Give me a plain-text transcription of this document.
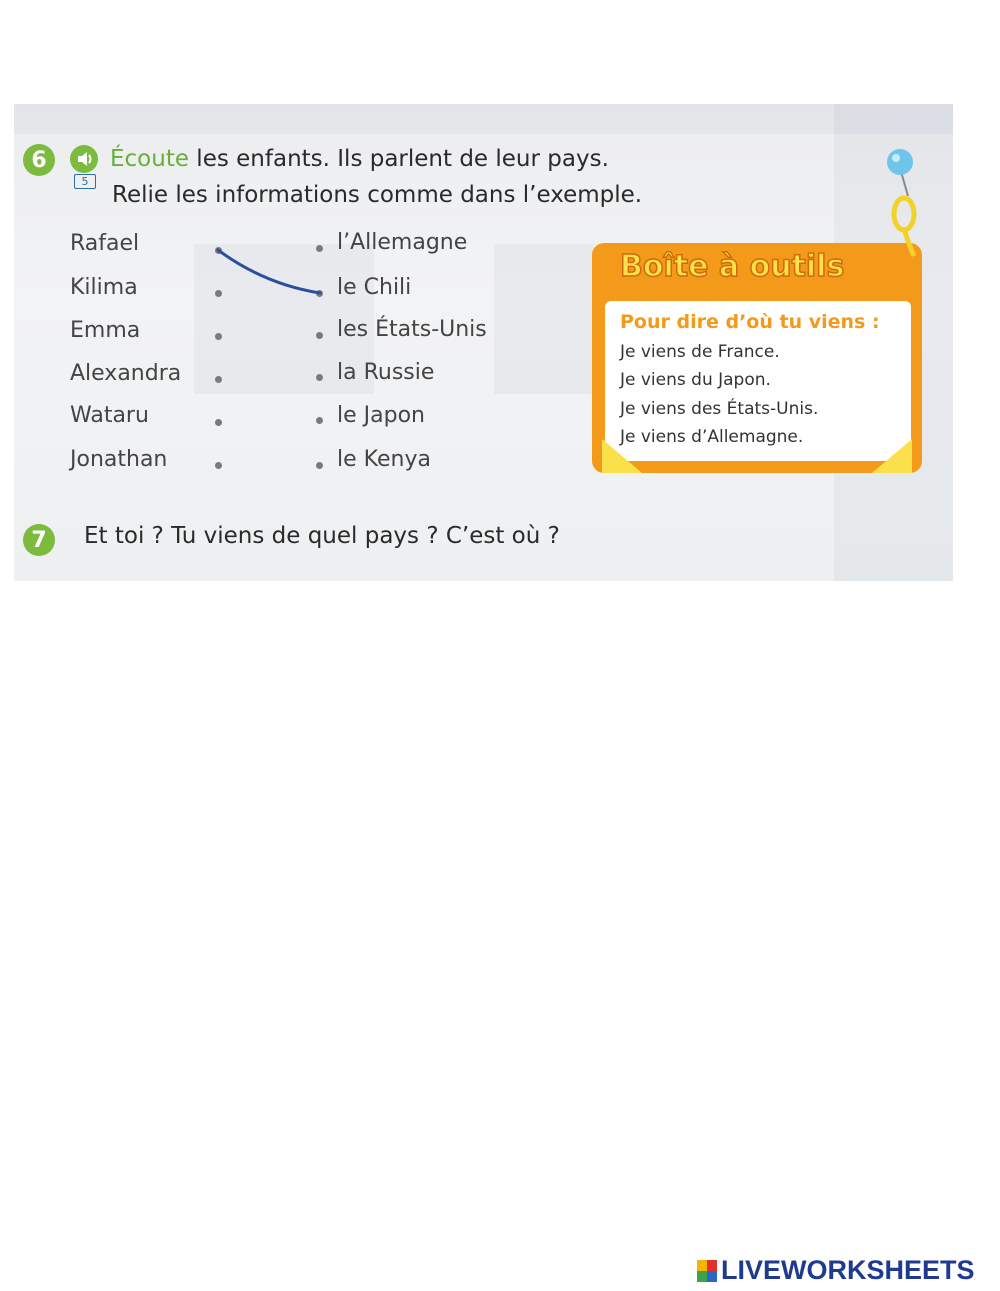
6
5
Écoute les enfants. Ils parlent de leur pays.
Relie les informations comme dans l’exemple.
Rafael
Kilima
Emma
Alexandra
Wataru
Jonathan
l’Allemagne
le Chili
les États-Unis
la Russie
le Japon
le Kenya
Boîte à outils
Pour dire d’où tu viens :
Je viens de France.
Je viens du Japon.
Je viens des États-Unis.
Je viens d’Allemagne.
7	Et toi ? Tu viens de quel pays ? C’est où ?
LIVEWORKSHEETS
